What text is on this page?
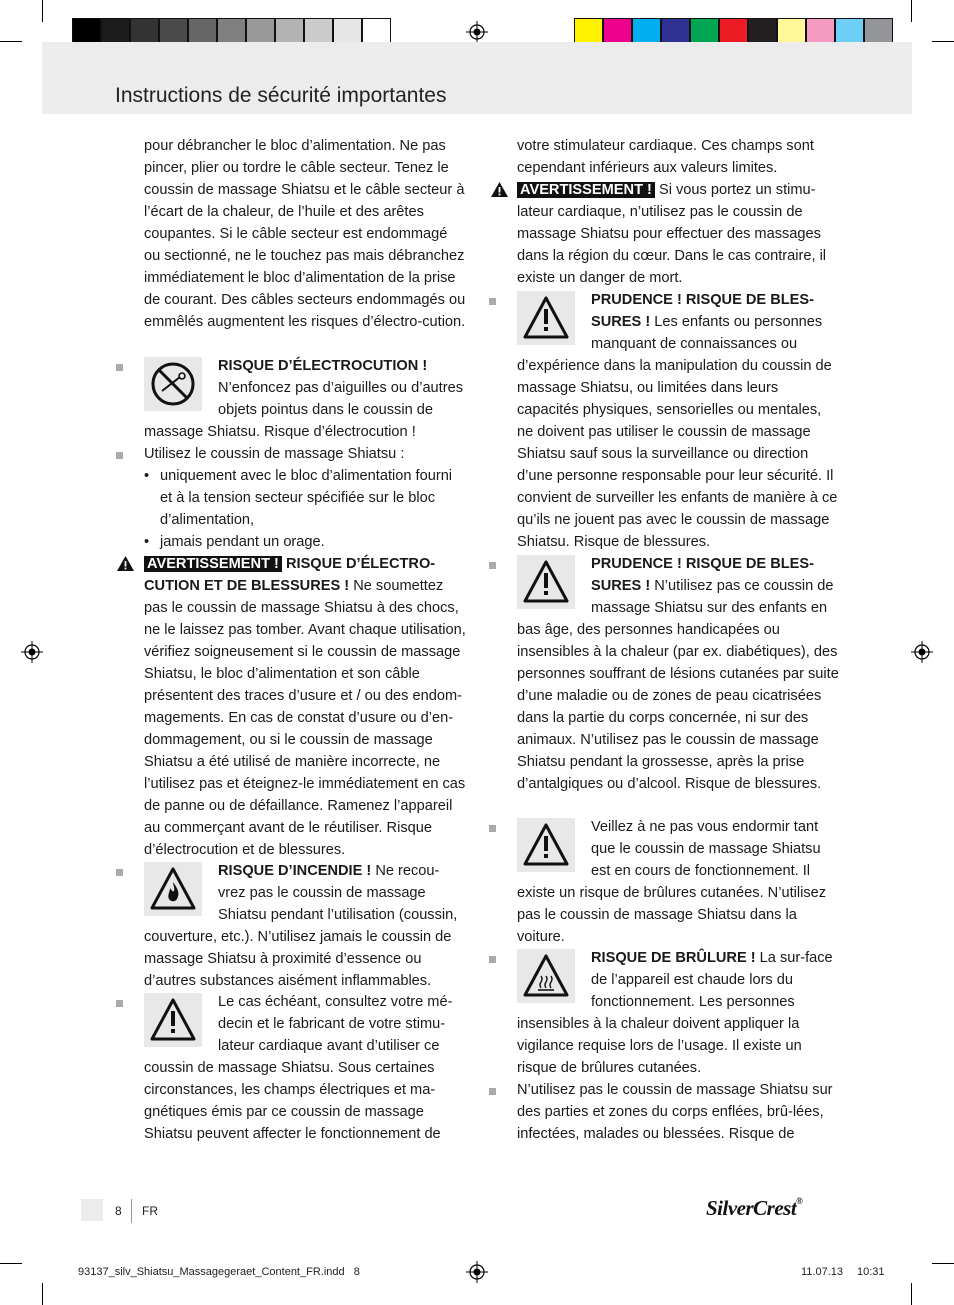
Instructions de sécurité importantes

pour débrancher le bloc d’alimentation. Ne pas pincer, plier ou tordre le câble secteur. Tenez le coussin de massage Shiatsu et le câble secteur à l’écart de la chaleur, de l’huile et des arêtes coupantes. Si le câble secteur est endommagé ou sectionné, ne le touchez pas mais débranchez immédiatement le bloc d’alimentation de la prise de courant. Des câbles secteurs endommagés ou emmêlés augmentent les risques d’électro-cution.

RISQUE D’ÉLECTROCUTION ! N’enfoncez pas d’aiguilles ou d’autres objets pointus dans le coussin de massage Shiatsu. Risque d’électrocution !

Utilisez le coussin de massage Shiatsu :

• uniquement avec le bloc d’alimentation fourni et à la tension secteur spécifiée sur le bloc d’alimentation,
• jamais pendant un orage.
AVERTISSEMENT ! RISQUE D’ÉLECTRO-CUTION ET DE BLESSURES ! Ne soumettez pas le coussin de massage Shiatsu à des chocs, ne le laissez pas tomber. Avant chaque utilisation, vérifiez soigneusement si le coussin de massage Shiatsu, le bloc d’alimentation et son câble présentent des traces d’usure et / ou des endom-magements. En cas de constat d’usure ou d’en-dommagement, ou si le coussin de massage Shiatsu a été utilisé de manière incorrecte, ne l’utilisez pas et éteignez-le immédiatement en cas de panne ou de défaillance. Ramenez l’appareil au commerçant avant de le réutiliser. Risque d’électrocution et de blessures.
RISQUE D’INCENDIE ! Ne recou-vrez pas le coussin de massage Shiatsu pendant l’utilisation (coussin, couverture, etc.). N’utilisez jamais le coussin de massage Shiatsu à proximité d’essence ou d’autres substances aisément inflammables.
Le cas échéant, consultez votre mé-decin et le fabricant de votre stimu-lateur cardiaque avant d’utiliser ce coussin de massage Shiatsu. Sous certaines circonstances, les champs électriques et ma-gnétiques émis par ce coussin de massage Shiatsu peuvent affecter le fonctionnement de

votre stimulateur cardiaque. Ces champs sont cependant inférieurs aux valeurs limites.

AVERTISSEMENT ! Si vous portez un stimu-lateur cardiaque, n’utilisez pas le coussin de massage Shiatsu pour effectuer des massages dans la région du cœur. Dans le cas contraire, il existe un danger de mort.
PRUDENCE ! RISQUE DE BLES-SURES ! Les enfants ou personnes manquant de connaissances ou d’expérience dans la manipulation du coussin de massage Shiatsu, ou limitées dans leurs capacités physiques, sensorielles ou mentales, ne doivent pas utiliser le coussin de massage Shiatsu sauf sous la surveillance ou direction d’une personne responsable pour leur sécurité. Il convient de surveiller les enfants de manière à ce qu’ils ne jouent pas avec le coussin de massage Shiatsu. Risque de blessures.
PRUDENCE ! RISQUE DE BLES-SURES ! N’utilisez pas ce coussin de massage Shiatsu sur des enfants en bas âge, des personnes handicapées ou insensibles à la chaleur (par ex. diabétiques), des personnes souffrant de lésions cutanées par suite d’une maladie ou de zones de peau cicatrisées dans la partie du corps concernée, ni sur des animaux. N’utilisez pas le coussin de massage Shiatsu pendant la grossesse, après la prise d’antalgiques ou d’alcool. Risque de blessures.
Veillez à ne pas vous endormir tant que le coussin de massage Shiatsu est en cours de fonctionnement. Il existe un risque de brûlures cutanées. N’utilisez pas le coussin de massage Shiatsu dans la voiture.
RISQUE DE BRÛLURE ! La sur-face de l’appareil est chaude lors du fonctionnement. Les personnes insensibles à la chaleur doivent appliquer la vigilance requise lors de l’usage. Il existe un risque de brûlures cutanées.
N’utilisez pas le coussin de massage Shiatsu sur des parties et zones du corps enflées, brû-lées, infectées, malades ou blessées. Risque de
8 FR	SilverCrest®
93137_silv_Shiatsu_Massagegeraet_Content_FR.indd   8	11.07.13 10:31
